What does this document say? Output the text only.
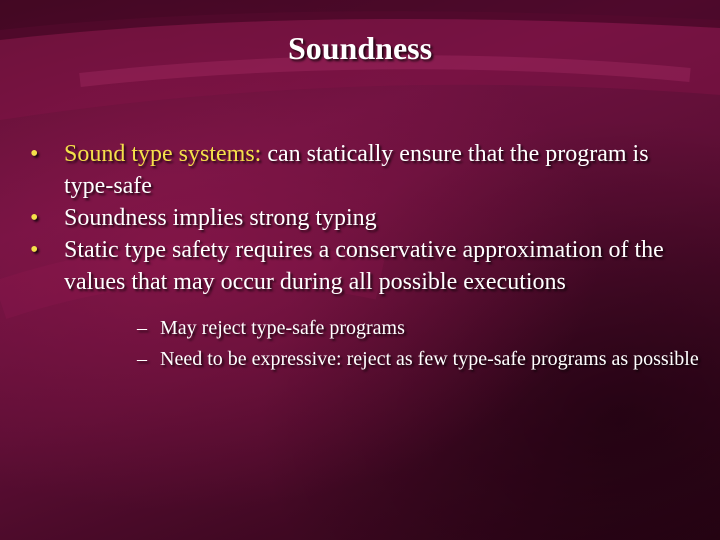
Soundness
• Sound type systems: can statically ensure that the program is type-safe
• Soundness implies strong typing
• Static type safety requires a conservative approximation of the values that may occur during all possible executions
– May reject type-safe programs
– Need to be expressive: reject as few type-safe programs as possible
